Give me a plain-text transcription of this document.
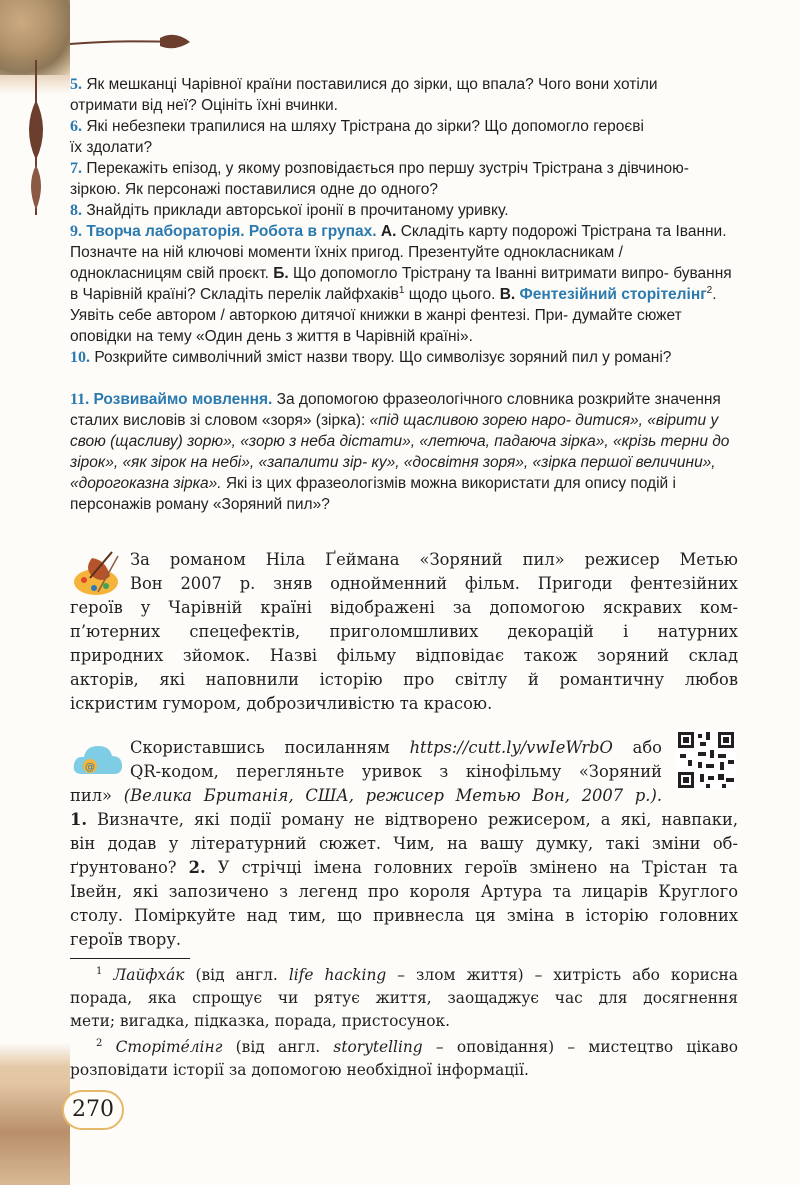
5. Як мешканці Чарівної країни поставилися до зірки, що впала? Чого вони хотіли
отримати від неї? Оцініть їхні вчинки.
6. Які небезпеки трапилися на шляху Трістрана до зірки? Що допомогло героєві
їх здолати?
7. Перекажіть епізод, у якому розповідається про першу зустріч Трістрана з дівчиною-зіркою. Як персонажі поставилися одне до одного?
8. Знайдіть приклади авторської іронії в прочитаному уривку.
9. Творча лабораторія. Робота в групах. А. Складіть карту подорожі Трістрана та Іванни. Позначте на ній ключові моменти їхніх пригод. Презентуйте однокласникам / однокласницям свій проєкт. Б. Що допомогло Трістрану та Іванні витримати випро- бування в Чарівній країні? Складіть перелік лайфхаків$^1$ щодо цього. В. Фентезійний сторітелінг$^2$. Уявіть себе автором / авторкою дитячої книжки в жанрі фентезі. При- думайте сюжет оповідки на тему «Один день з життя в Чарівній країні».
10. Розкрийте символічний зміст назви твору. Що символізує зоряний пил у романі?
11. Розвиваймо мовлення. За допомогою фразеологічного словника розкрийте значення сталих висловів зі словом «зоря» (зірка): «під щасливою зорею наро- дитися», «вірити у свою (щасливу) зорю», «зорю з неба дістати», «летюча, падаюча зірка», «крізь терни до зірок», «як зірок на небі», «запалити зір- ку», «досвітня зоря», «зірка першої величини», «дорогоказна зірка». Які із цих фразеологізмів можна використати для опису подій і персонажів роману «Зоряний пил»?
За романом Ніла Ґеймана «Зоряний пил» режисер Метью
Вон 2007 р. зняв однойменний фільм. Пригоди фентезійних
героїв у Чарівній країні відображені за допомогою яскравих ком-
п’ютерних спецефектів, приголомшливих декорацій і натурних
природних зйомок. Назві фільму відповідає також зоряний склад
акторів, які наповнили історію про світлу й романтичну любов
іскристим гумором, доброзичливістю та красою.
@
Скориставшись посиланням https://cutt.ly/vwIeWrbO або
QR-кодом, перегляньте уривок з кінофільму «Зоряний
пил» (Велика Британія, США, режисер Метью Вон, 2007 р.).
1. Визначте, які події роману не відтворено режисером, а які, навпаки,
він додав у літературний сюжет. Чим, на вашу думку, такі зміни об-
ґрунтовано? 2. У стрічці імена головних героїв змінено на Трістан та
Івейн, які запозичено з легенд про короля Артура та лицарів Круглого
столу. Поміркуйте над тим, що привнесла ця зміна в історію головних
героїв твору.
$^1$ Лайфха́к (від англ. life hacking – злом життя) – хитрість або корисна
порада, яка спрощує чи рятує життя, заощаджує час для досягнення
мети; вигадка, підказка, порада, пристосунок.
$^2$ Сторіте́лінг (від англ. storytelling – оповідання) – мистецтво цікаво
розповідати історії за допомогою необхідної інформації.
270
